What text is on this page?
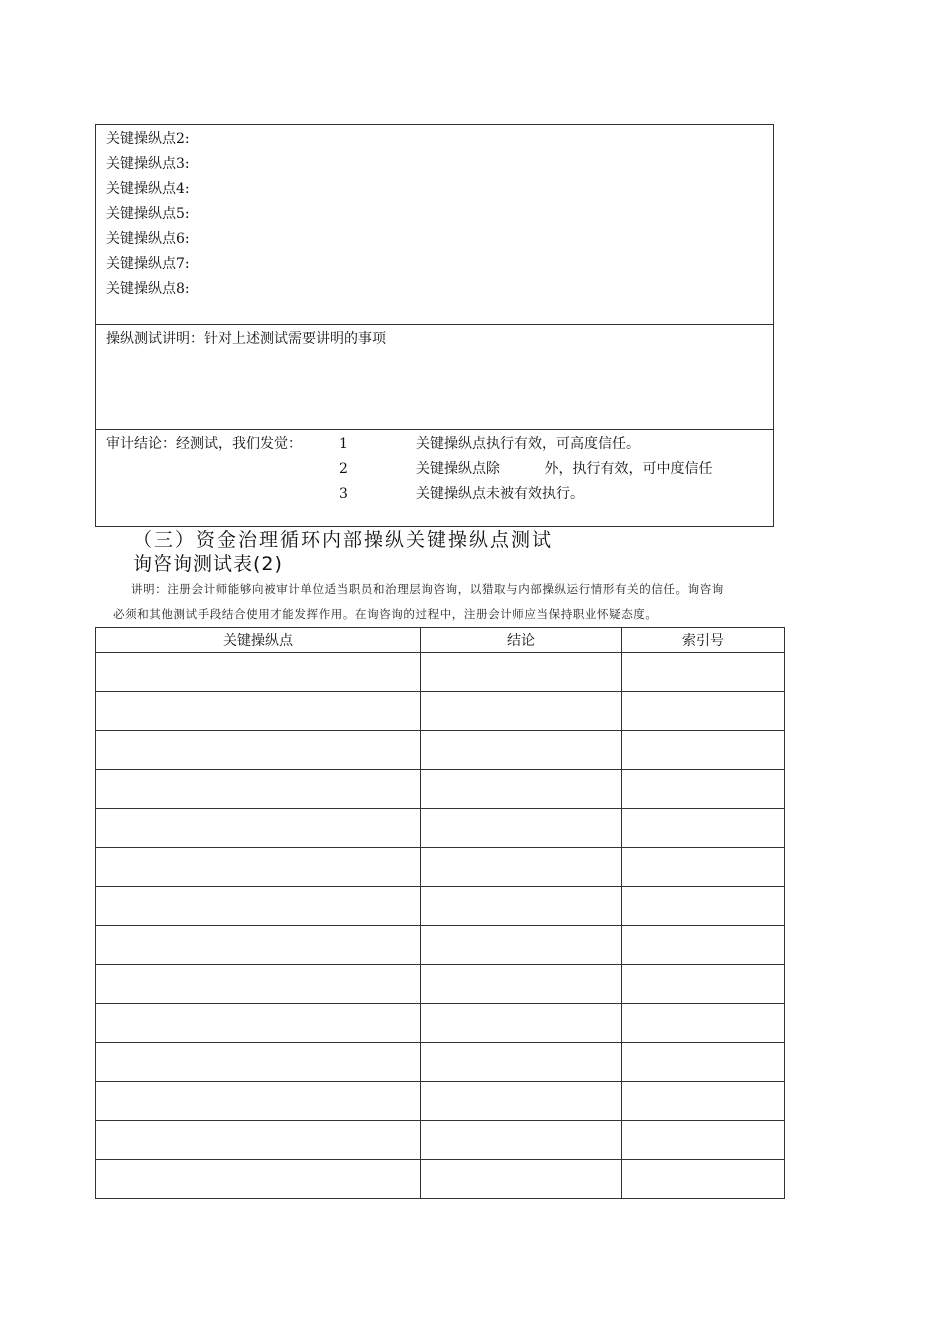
关键操纵点2:
关键操纵点3:
关键操纵点4:
关键操纵点5:
关键操纵点6:
关键操纵点7:
关键操纵点8:
操纵测试讲明：针对上述测试需要讲明的事项
审计结论：经测试，我们发觉：	1	关键操纵点执行有效，可高度信任。
2	关键操纵点除          外，执行有效，可中度信任
3	关键操纵点未被有效执行。
（三）资金治理循环内部操纵关键操纵点测试
询咨询测试表(2)
讲明：注册会计师能够向被审计单位适当职员和治理层询咨询，以猎取与内部操纵运行情形有关的信任。询咨询
必须和其他测试手段结合使用才能发挥作用。在询咨询的过程中，注册会计师应当保持职业怀疑态度。
关键操纵点	结论	索引号
